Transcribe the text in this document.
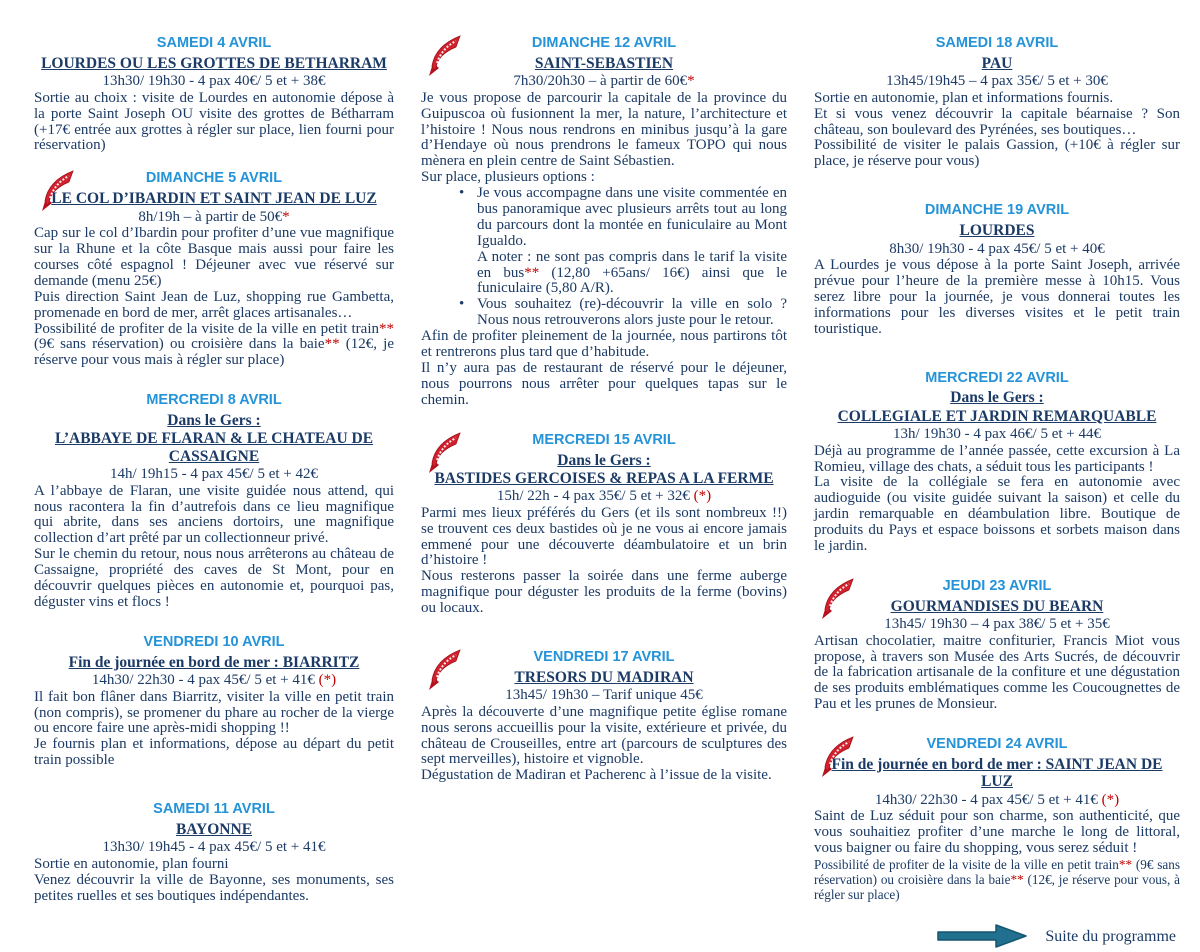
SAMEDI 4 AVRIL
LOURDES OU LES GROTTES DE BETHARRAM

13h30/ 19h30 - 4 pax 40€/ 5 et + 38€

Sortie au choix : visite de Lourdes en autonomie dépose à la porte Saint Joseph OU visite des grottes de Bétharram (+17€ entrée aux grottes à régler sur place, lien fourni pour réservation)

DIMANCHE 5 AVRIL
LE COL D’IBARDIN ET SAINT JEAN DE LUZ

8h/19h – à partir de 50€*

Cap sur le col d’Ibardin pour profiter d’une vue magnifique sur la Rhune et la côte Basque mais aussi pour faire les courses côté espagnol ! Déjeuner avec vue réservé sur demande (menu 25€)

Puis direction Saint Jean de Luz, shopping rue Gambetta, promenade en bord de mer, arrêt glaces artisanales…

Possibilité de profiter de la visite de la ville en petit train** (9€ sans réservation) ou croisière dans la baie** (12€, je réserve pour vous mais à régler sur place)

MERCREDI 8 AVRIL
Dans le Gers :
L’ABBAYE DE FLARAN & LE CHATEAU DE CASSAIGNE

14h/ 19h15 - 4 pax 45€/ 5 et + 42€

A l’abbaye de Flaran, une visite guidée nous attend, qui nous racontera la fin d’autrefois dans ce lieu magnifique qui abrite, dans ses anciens dortoirs, une magnifique collection d’art prêté par un collectionneur privé.

Sur le chemin du retour, nous nous arrêterons au château de Cassaigne, propriété des caves de St Mont, pour en découvrir quelques pièces en autonomie et, pourquoi pas, déguster vins et flocs !

VENDREDI 10 AVRIL
Fin de journée en bord de mer : BIARRITZ

14h30/ 22h30 - 4 pax 45€/ 5 et + 41€ (*)

Il fait bon flâner dans Biarritz, visiter la ville en petit train (non compris), se promener du phare au rocher de la vierge ou encore faire une après-midi shopping !!

Je fournis plan et informations, dépose au départ du petit train possible

SAMEDI 11 AVRIL
BAYONNE

13h30/ 19h45 - 4 pax 45€/ 5 et + 41€

Sortie en autonomie, plan fourni

Venez découvrir la ville de Bayonne, ses monuments, ses petites ruelles et ses boutiques indépendantes.

DIMANCHE 12 AVRIL
SAINT-SEBASTIEN

7h30/20h30 – à partir de 60€*

Je vous propose de parcourir la capitale de la province du Guipuscoa où fusionnent la mer, la nature, l’architecture et l’histoire ! Nous nous rendrons en minibus jusqu’à la gare d’Hendaye où nous prendrons le fameux TOPO qui nous mènera en plein centre de Saint Sébastien.

Sur place, plusieurs options :

• Je vous accompagne dans une visite commentée en bus panoramique avec plusieurs arrêts tout au long du parcours dont la montée en funiculaire au Mont Igualdo.

A noter : ne sont pas compris dans le tarif la visite en bus** (12,80 +65ans/ 16€) ainsi que le funiculaire (5,80 A/R).

• Vous souhaitez (re)-découvrir la ville en solo ? Nous nous retrouverons alors juste pour le retour.

Afin de profiter pleinement de la journée, nous partirons tôt et rentrerons plus tard que d’habitude.

Il n’y aura pas de restaurant de réservé pour le déjeuner, nous pourrons nous arrêter pour quelques tapas sur le chemin.

MERCREDI 15 AVRIL
Dans le Gers :
BASTIDES GERCOISES & REPAS A LA FERME

15h/ 22h - 4 pax 35€/ 5 et + 32€ (*)

Parmi mes lieux préférés du Gers (et ils sont nombreux !!) se trouvent ces deux bastides où je ne vous ai encore jamais emmené pour une découverte déambulatoire et un brin d’histoire !

Nous resterons passer la soirée dans une ferme auberge magnifique pour déguster les produits de la ferme (bovins) ou locaux.

VENDREDI 17 AVRIL
TRESORS DU MADIRAN

13h45/ 19h30 – Tarif unique 45€

Après la découverte d’une magnifique petite église romane nous serons accueillis pour la visite, extérieure et privée, du château de Crouseilles, entre art (parcours de sculptures des sept merveilles), histoire et vignoble.

Dégustation de Madiran et Pacherenc à l’issue de la visite.

SAMEDI 18 AVRIL
PAU

13h45/19h45 – 4 pax 35€/ 5 et + 30€

Sortie en autonomie, plan et informations fournis.

Et si vous venez découvrir la capitale béarnaise ? Son château, son boulevard des Pyrénées, ses boutiques…

Possibilité de visiter le palais Gassion, (+10€ à régler sur place, je réserve pour vous)

DIMANCHE 19 AVRIL
LOURDES

8h30/ 19h30 - 4 pax 45€/ 5 et + 40€

A Lourdes je vous dépose à la porte Saint Joseph, arrivée prévue pour l’heure de la première messe à 10h15. Vous serez libre pour la journée, je vous donnerai toutes les informations pour les diverses visites et le petit train touristique.

MERCREDI 22 AVRIL
Dans le Gers :
COLLEGIALE ET JARDIN REMARQUABLE

13h/ 19h30 - 4 pax 46€/ 5 et + 44€

Déjà au programme de l’année passée, cette excursion à La Romieu, village des chats, a séduit tous les participants !

La visite de la collégiale se fera en autonomie avec audioguide (ou visite guidée suivant la saison) et celle du jardin remarquable en déambulation libre. Boutique de produits du Pays et espace boissons et sorbets maison dans le jardin.

JEUDI 23 AVRIL
GOURMANDISES DU BEARN

13h45/ 19h30 – 4 pax 38€/ 5 et + 35€

Artisan chocolatier, maitre confiturier, Francis Miot vous propose, à travers son Musée des Arts Sucrés, de découvrir de la fabrication artisanale de la confiture et une dégustation de ses produits emblématiques comme les Coucougnettes de Pau et les prunes de Monsieur.

VENDREDI 24 AVRIL
Fin de journée en bord de mer : SAINT JEAN DE LUZ

14h30/ 22h30 - 4 pax 45€/ 5 et + 41€ (*)

Saint de Luz séduit pour son charme, son authenticité, que vous souhaitiez profiter d’une marche le long de littoral, vous baigner ou faire du shopping, vous serez séduit !

Possibilité de profiter de la visite de la ville en petit train** (9€ sans réservation) ou croisière dans la baie** (12€, je réserve pour vous, à régler sur place)

Suite du programme
